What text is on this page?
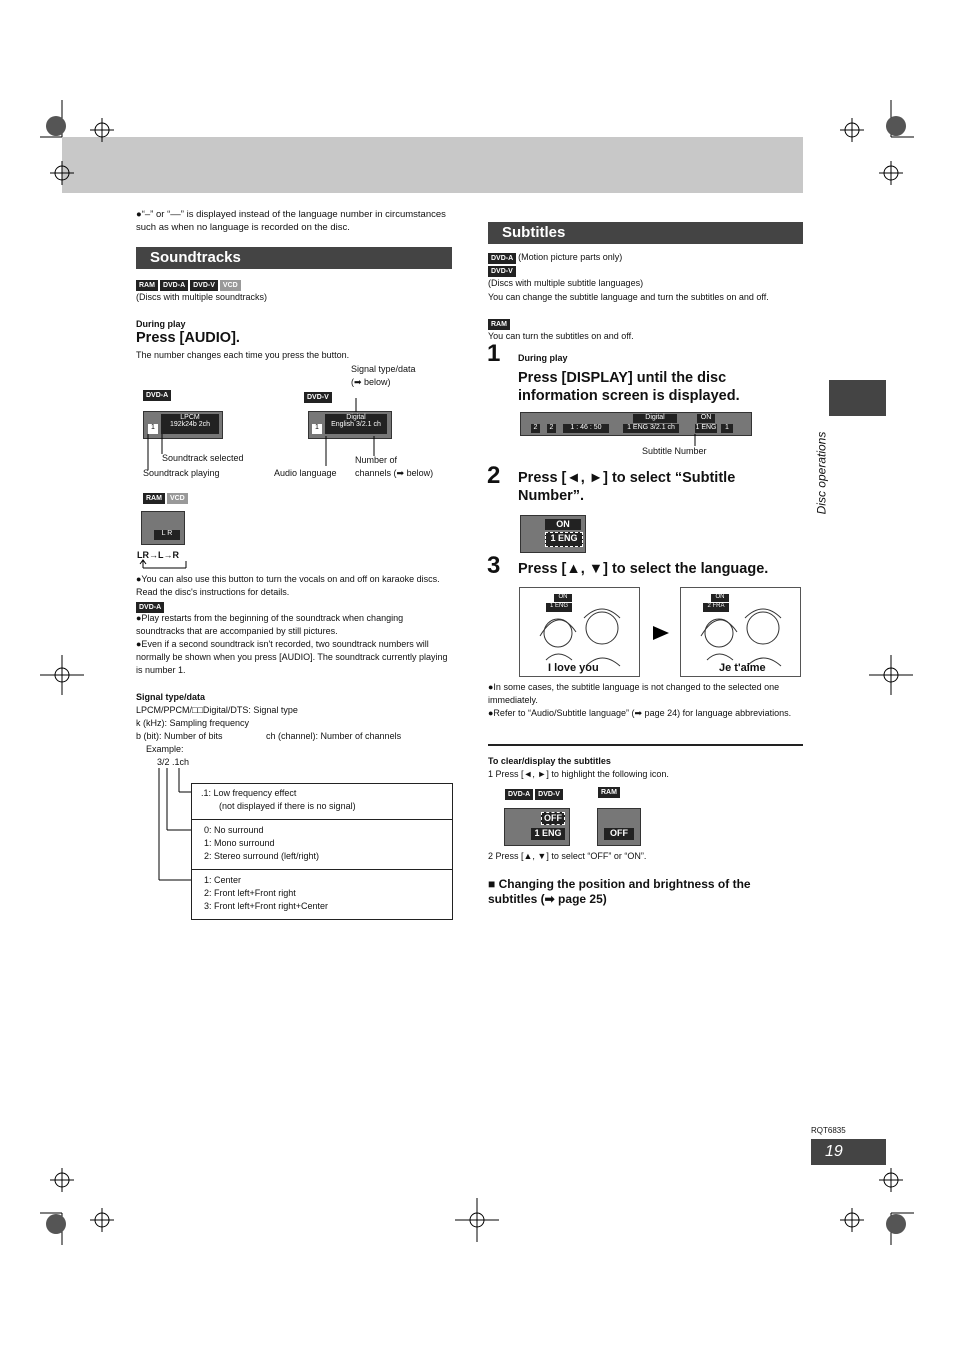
Disc operations
RQT6835
19
●“–” or “––” is displayed instead of the language number in circumstances such as when no language is recorded on the disc.
Soundtracks
RAM DVD-A DVD-V VCD
(Discs with multiple soundtracks)
During play
Press [AUDIO].
The number changes each time you press the button.
DVD-A	DVD-V
Signal type/data
(➡ below)
LPCM
192k24b 2ch
1
Digital
English 3/2.1 ch
1
Soundtrack selected
Soundtrack playing	Audio language
Number of
channels (➡ below)
RAM VCD
L R
LR→L→R
●You can also use this button to turn the vocals on and off on karaoke discs. Read the disc's instructions for details.
DVD-A
●Play restarts from the beginning of the soundtrack when changing soundtracks that are accompanied by still pictures.
●Even if a second soundtrack isn't recorded, two soundtrack numbers will normally be shown when you press [AUDIO]. The soundtrack currently playing is number 1.
Signal type/data
LPCM/PPCM/□□Digital/DTS: Signal type
k (kHz): Sampling frequency
b (bit): Number of bits	ch (channel): Number of channels
Example:
3/2 .1ch
.1: Low frequency effect
(not displayed if there is no signal)
0: No surround
1: Mono surround
2: Stereo surround (left/right)
1: Center
2: Front left+Front right
3: Front left+Front right+Center
Subtitles
DVD-A (Motion picture parts only)
DVD-V
(Discs with multiple subtitle languages)
You can change the subtitle language and turn the subtitles on and off.
RAM
You can turn the subtitles on and off.
1 During play
Press [DISPLAY] until the disc information screen is displayed.
2	2	1 : 46 : 50
Digital
1 ENG 3/2.1 ch
ON
1 ENG	1
Subtitle Number
2 Press [◄, ►] to select “Subtitle Number”.
ON
1 ENG
3 Press [▲, ▼] to select the language.
ON
1 ENG
I love you
ON
2 FRA
Je t'aime
●In some cases, the subtitle language is not changed to the selected one immediately.
●Refer to “Audio/Subtitle language” (➡ page 24) for language abbreviations.
To clear/display the subtitles
1 Press [◄, ►] to highlight the following icon.
DVD-A DVD-V	RAM
OFF
1 ENG	OFF
2 Press [▲, ▼] to select “OFF” or “ON”.
■ Changing the position and brightness of the subtitles (➡ page 25)
